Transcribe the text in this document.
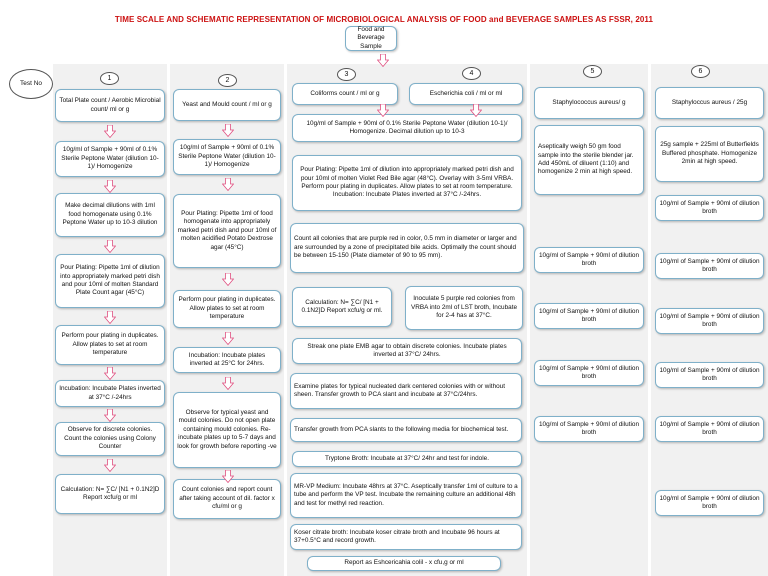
TIME SCALE AND SCHEMATIC REPRESENTATION OF MICROBIOLOGICAL ANALYSIS OF FOOD and BEVERAGE SAMPLES AS FSSR, 2011
Food and Beverage Sample
Test No
1	2
3	4	5	6
Total Plate count / Aerobic Microbial count/ ml or g
10g/ml of Sample + 90ml of 0.1% Sterile Peptone Water (dilution 10-1)/ Homogenize
Make decimal dilutions with 1ml food homogenate using 0.1% Peptone Water up to 10-3 dilution
Pour Plating: Pipette 1ml of dilution into appropriately marked petri dish and pour 10ml of molten Standard Plate Count agar (45°C)
Perform pour plating in duplicates. Allow plates to set at room temperature
Incubation: Incubate Plates inverted at 37°C /-24hrs
Observe for discrete colonies. Count the colonies using Colony Counter
Calculation: N= ∑C/ [N1 + 0.1N2]D Report xcfu/g or ml
Yeast and Mould count / ml or g
10g/ml of Sample + 90ml of 0.1% Sterile Peptone Water (dilution 10-1)/ Homogenize
Pour Plating: Pipette 1ml of food homogenate into appropriately marked petri dish and pour 10ml of molten acidified Potato Dextrose agar (45°C)
Perform pour plating in duplicates. Allow plates to set at room temperature
Incubation: Incubate plates inverted at 25°C for 24hrs.
Observe for typical yeast and mould colonies. Do not open plate containing mould colonies. Re-incubate plates up to 5-7 days and look for growth before reporting -ve
Count colonies and report count after taking account of dil. factor x cfu/ml or g
Coliforms count / ml or g	Escherichia coli / ml or ml
10g/ml of Sample + 90ml of 0.1% Sterile Peptone Water (dilution 10-1)/ Homogenize. Decimal dilution up to 10-3
Pour Plating: Pipette 1ml of dilution into appropriately marked petri dish and pour 10ml of molten Violet Red Bile agar (48°C). Overlay with 3-5ml VRBA. Perform pour plating in duplicates. Allow plates to set at room temperature. Incubation: Incubate Plates inverted at 37°C /-24hrs.
Count all colonies that are purple red in color, 0.5 mm in diameter or larger and are surrounded by a zone of precipitated bile acids. Optimally the count should be between 15-150 (Plate diameter of 90 to 95 mm).
Calculation: N= ∑C/ [N1 + 0.1N2]D Report xcfu/g or ml.
Inoculate 5 purple red colonies from VRBA into 2ml of LST broth, Incubate for 2-4 has at 37°C.
Streak one plate EMB agar to obtain discrete colonies. Incubate plates inverted at 37°C/ 24hrs.
Examine plates for typical nucleated dark centered colonies with or without sheen. Transfer growth to PCA slant and incubate at 37°C/24hrs.
Transfer growth from PCA slants to the following media for biochemical test.
Tryptone Broth: Incubate at 37°C/ 24hr and test for indole.
MR-VP Medium: Incubate 48hrs at 37°C. Aseptically transfer 1ml of culture to a tube and perform the VP test. Incubate the remaining culture an additional 48h and test for methyl red reaction.
Koser citrate broth: Incubate koser citrate broth and Incubate 96 hours at 37+0.5°C and record growth.
Report as Eshcericahia colil - x cfu,g or ml
Staphylococcus aureus/ g
Aseptically weigh 50 gm food sample into the sterile blender jar. Add 450mL of diluent (1:10) and homogenize 2 min at high speed.
10g/ml of Sample + 90ml of dilution broth
10g/ml of Sample + 90ml of dilution broth
10g/ml of Sample + 90ml of dilution broth
10g/ml of Sample + 90ml of dilution broth
Staphyloccus aureus / 25g
25g sample + 225ml of Butterfields Buffered phosphate. Homogenize 2min at high speed.
10g/ml of Sample + 90ml of dilution broth
10g/ml of Sample + 90ml of dilution broth
10g/ml of Sample + 90ml of dilution broth
10g/ml of Sample + 90ml of dilution broth
10g/ml of Sample + 90ml of dilution broth
10g/ml of Sample + 90ml of dilution broth
